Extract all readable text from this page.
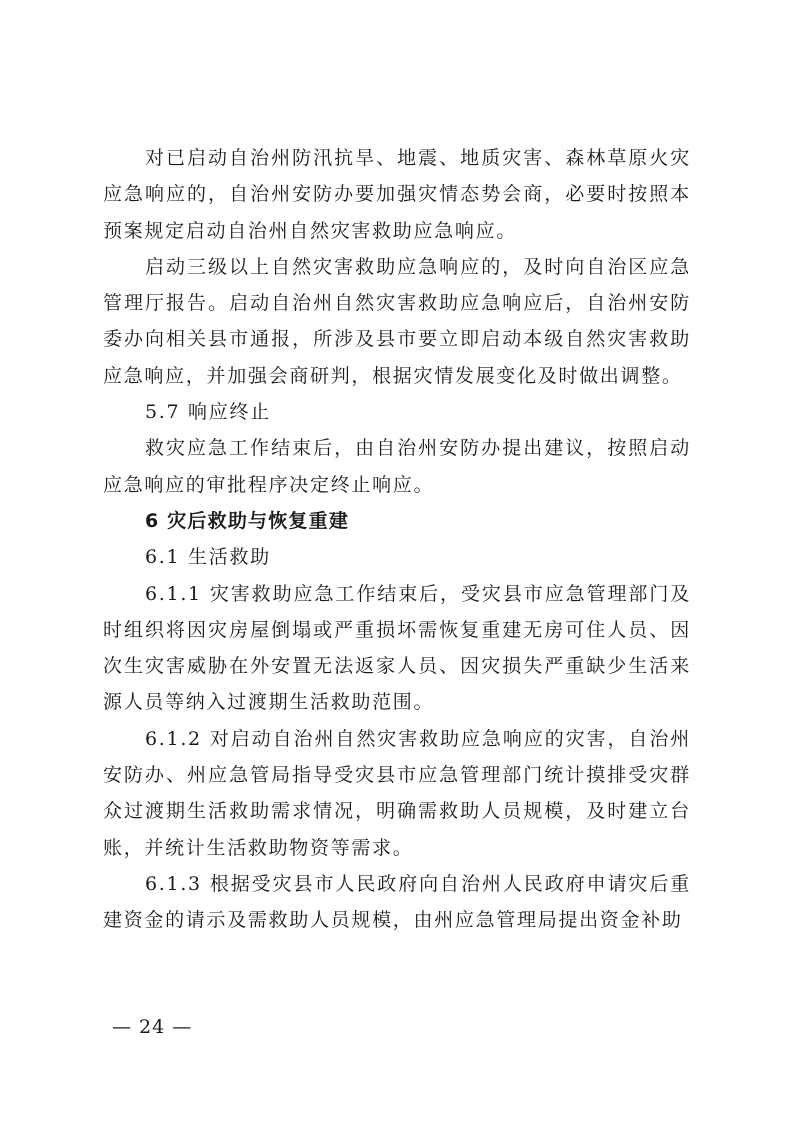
对已启动自治州防汛抗旱、地震、地质灾害、森林草原火灾应急响应的，自治州安防办要加强灾情态势会商，必要时按照本预案规定启动自治州自然灾害救助应急响应。

启动三级以上自然灾害救助应急响应的，及时向自治区应急管理厅报告。启动自治州自然灾害救助应急响应后，自治州安防委办向相关县市通报，所涉及县市要立即启动本级自然灾害救助应急响应，并加强会商研判，根据灾情发展变化及时做出调整。

5.7 响应终止

救灾应急工作结束后，由自治州安防办提出建议，按照启动应急响应的审批程序决定终止响应。

6 灾后救助与恢复重建

6.1 生活救助

6.1.1 灾害救助应急工作结束后，受灾县市应急管理部门及时组织将因灾房屋倒塌或严重损坏需恢复重建无房可住人员、因次生灾害威胁在外安置无法返家人员、因灾损失严重缺少生活来源人员等纳入过渡期生活救助范围。

6.1.2 对启动自治州自然灾害救助应急响应的灾害，自治州安防办、州应急管局指导受灾县市应急管理部门统计摸排受灾群众过渡期生活救助需求情况，明确需救助人员规模，及时建立台账，并统计生活救助物资等需求。

6.1.3 根据受灾县市人民政府向自治州人民政府申请灾后重建资金的请示及需救助人员规模，由州应急管理局提出资金补助

— 24 —
